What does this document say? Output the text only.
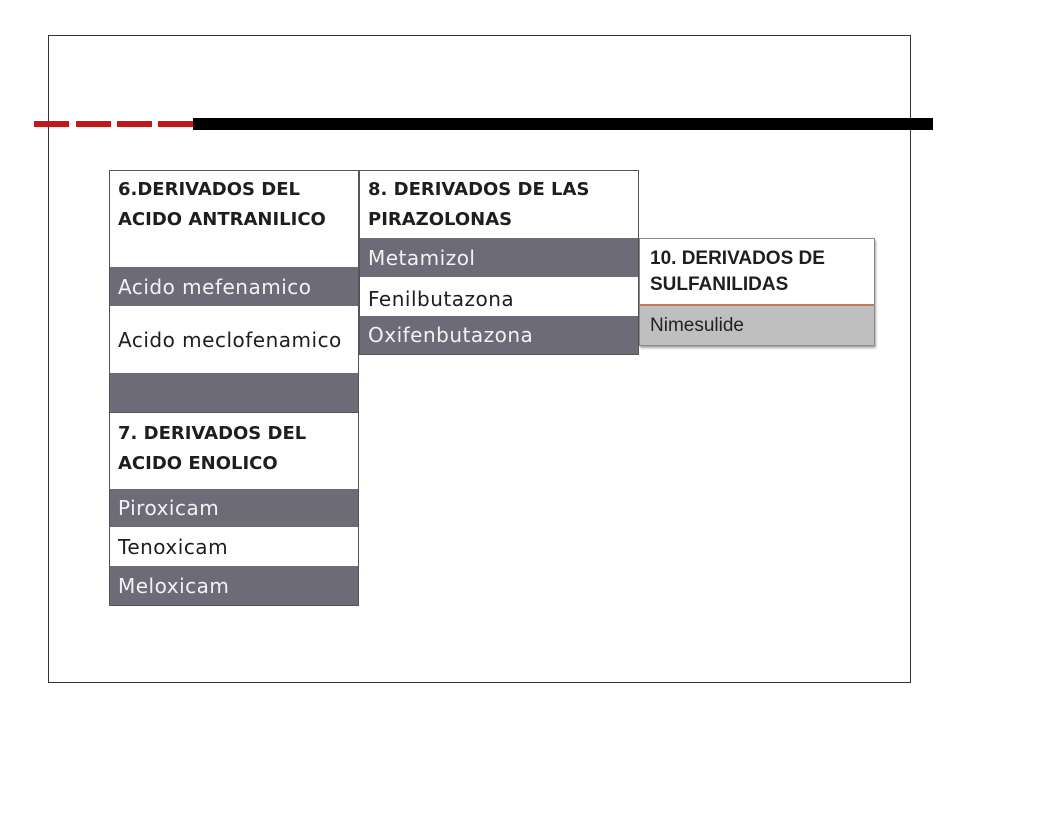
6.DERIVADOS DEL ACIDO ANTRANILICO
Acido mefenamico
Acido meclofenamico
7. DERIVADOS DEL ACIDO ENOLICO
Piroxicam
Tenoxicam
Meloxicam
8. DERIVADOS DE LAS PIRAZOLONAS
Metamizol
Fenilbutazona
Oxifenbutazona
10. DERIVADOS DE SULFANILIDAS
Nimesulide
